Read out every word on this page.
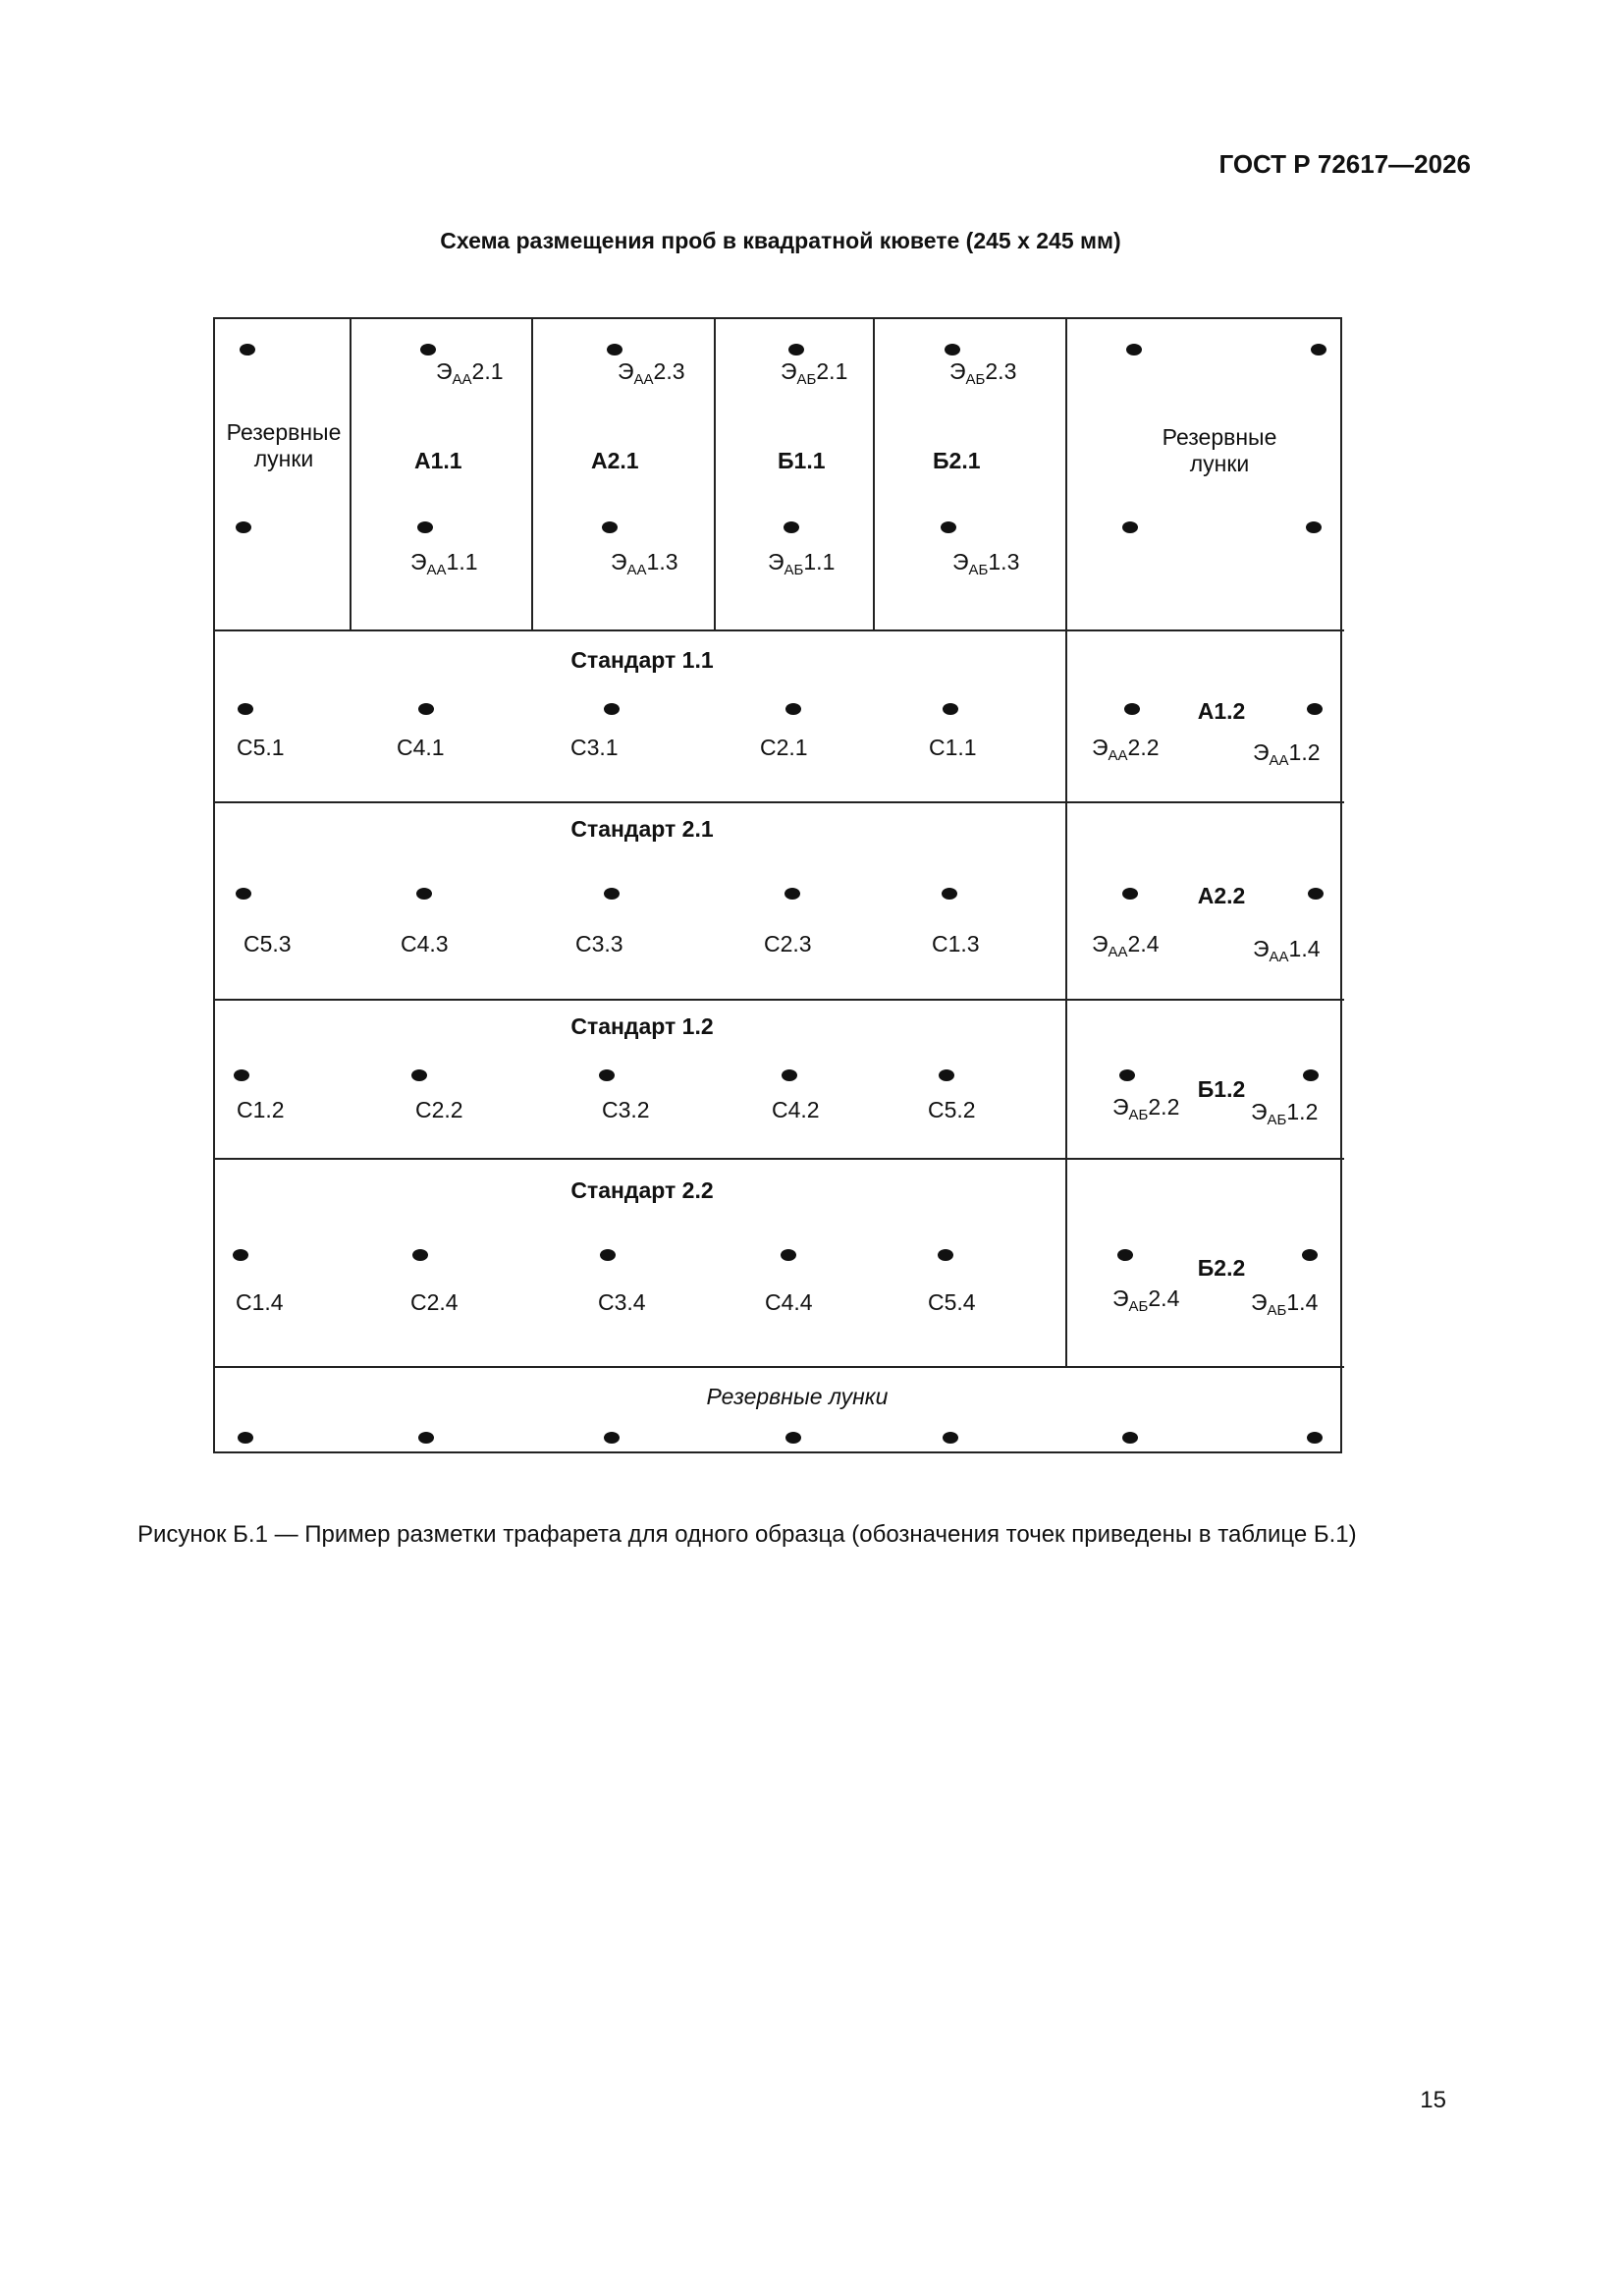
ГОСТ Р 72617—2026
Схема размещения проб в квадратной кювете (245 х 245 мм)
Резервные
лунки
Резервные
лунки
А1.1
$Э_{АА}2.1$
$Э_{АА}1.1$
А2.1
$Э_{АА}2.3$
$Э_{АА}1.3$
Б1.1
$Э_{АБ}2.1$
$Э_{АБ}1.1$
Б2.1
$Э_{АБ}2.3$
$Э_{АБ}1.3$
Стандарт 1.1
С5.1	С4.1	С3.1	С2.1	С1.1
А1.2
$Э_{АА}2.2$	$Э_{АА}1.2$
Стандарт 2.1
С5.3	С4.3	С3.3	С2.3	С1.3
А2.2
$Э_{АА}2.4$	$Э_{АА}1.4$
Стандарт 1.2
С1.2	С2.2	С3.2	С4.2	С5.2
Б1.2
$Э_{АБ}2.2$	$Э_{АБ}1.2$
Стандарт 2.2
С1.4	С2.4	С3.4	С4.4	С5.4
Б2.2
$Э_{АБ}2.4$	$Э_{АБ}1.4$
Резервные лунки
Рисунок Б.1 — Пример разметки трафарета для одного образца (обозначения точек приведены в таблице Б.1)
15
